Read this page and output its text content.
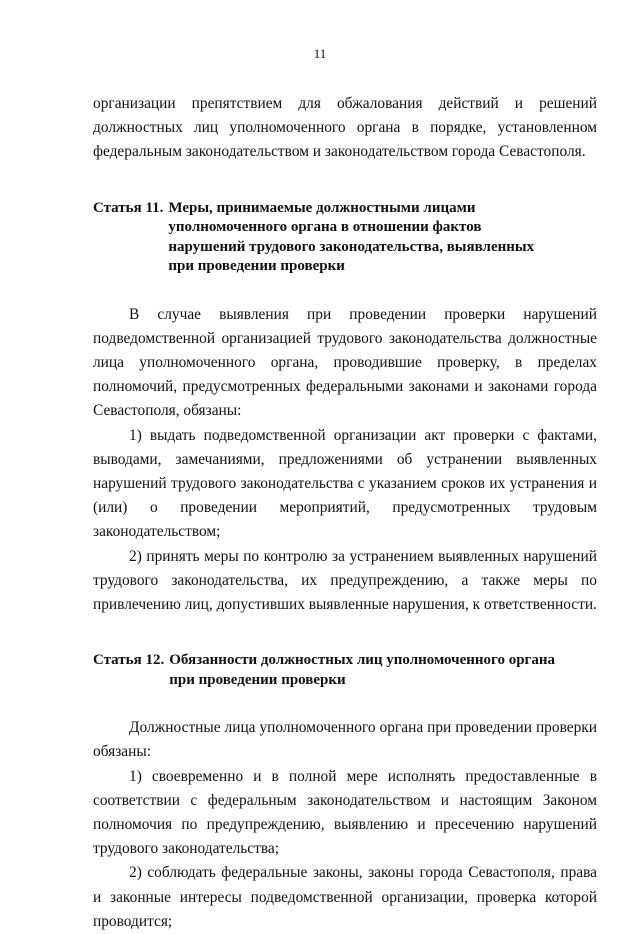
11

организации препятствием для обжалования действий и решений должностных лиц уполномоченного органа в порядке, установленном федеральным законодательством и законодательством города Севастополя.

Статья 11. Меры, принимаемые должностными лицами уполномоченного органа в отношении фактов нарушений трудового законодательства, выявленных при проведении проверки

В случае выявления при проведении проверки нарушений подведомственной организацией трудового законодательства должностные лица уполномоченного органа, проводившие проверку, в пределах полномочий, предусмотренных федеральными законами и законами города Севастополя, обязаны:

1) выдать подведомственной организации акт проверки с фактами, выводами, замечаниями, предложениями об устранении выявленных нарушений трудового законодательства с указанием сроков их устранения и (или) о проведении мероприятий, предусмотренных трудовым законодательством;

2) принять меры по контролю за устранением выявленных нарушений трудового законодательства, их предупреждению, а также меры по привлечению лиц, допустивших выявленные нарушения, к ответственности.

Статья 12. Обязанности должностных лиц уполномоченного органа при проведении проверки

Должностные лица уполномоченного органа при проведении проверки обязаны:

1) своевременно и в полной мере исполнять предоставленные в соответствии с федеральным законодательством и настоящим Законом полномочия по предупреждению, выявлению и пресечению нарушений трудового законодательства;

2) соблюдать федеральные законы, законы города Севастополя, права и законные интересы подведомственной организации, проверка которой проводится;
